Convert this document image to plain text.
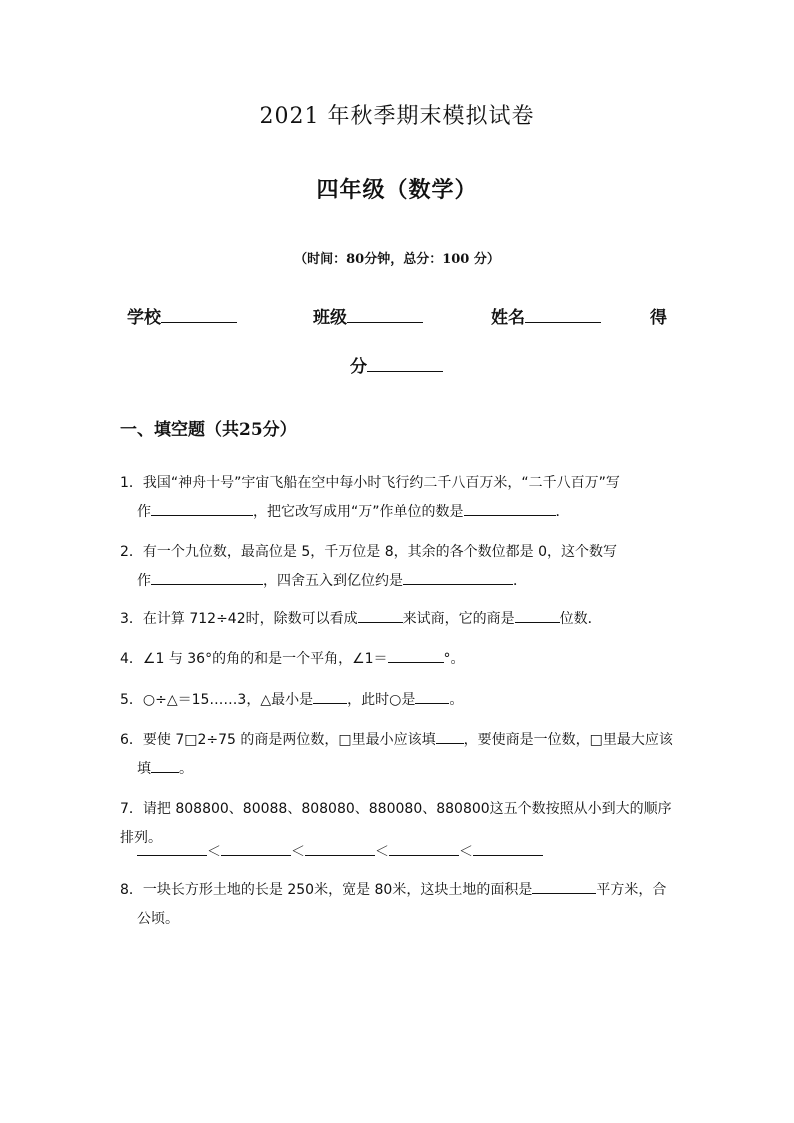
2021 年秋季期末模拟试卷
四年级（数学）
（时间：80分钟，总分：100 分）
学校	班级	姓名	得
分
一、填空题（共25分）
1．我国“神舟十号”宇宙飞船在空中每小时飞行约二千八百万米，“二千八百万”写
作	，把它改写成用“万”作单位的数是	．
2．有一个九位数，最高位是 5，千万位是 8，其余的各个数位都是 0，这个数写
作	，四舍五入到亿位约是	．
3．在计算 712÷42时，除数可以看成	来试商，它的商是	位数．
4．∠1 与 36°的角的和是一个平角，∠1＝	°。
5．○÷△＝15……3，△最小是 ，此时○是 。
6．要使 7□2÷75 的商是两位数，□里最小应该填 ，要使商是一位数，□里最大应该
填 。
7．请把 808800、80088、808080、880080、880800这五个数按照从小到大的顺序排列。
＜	＜	＜	＜
8．一块长方形土地的长是 250米，宽是 80米，这块土地的面积是	平方米，合
公顷。
